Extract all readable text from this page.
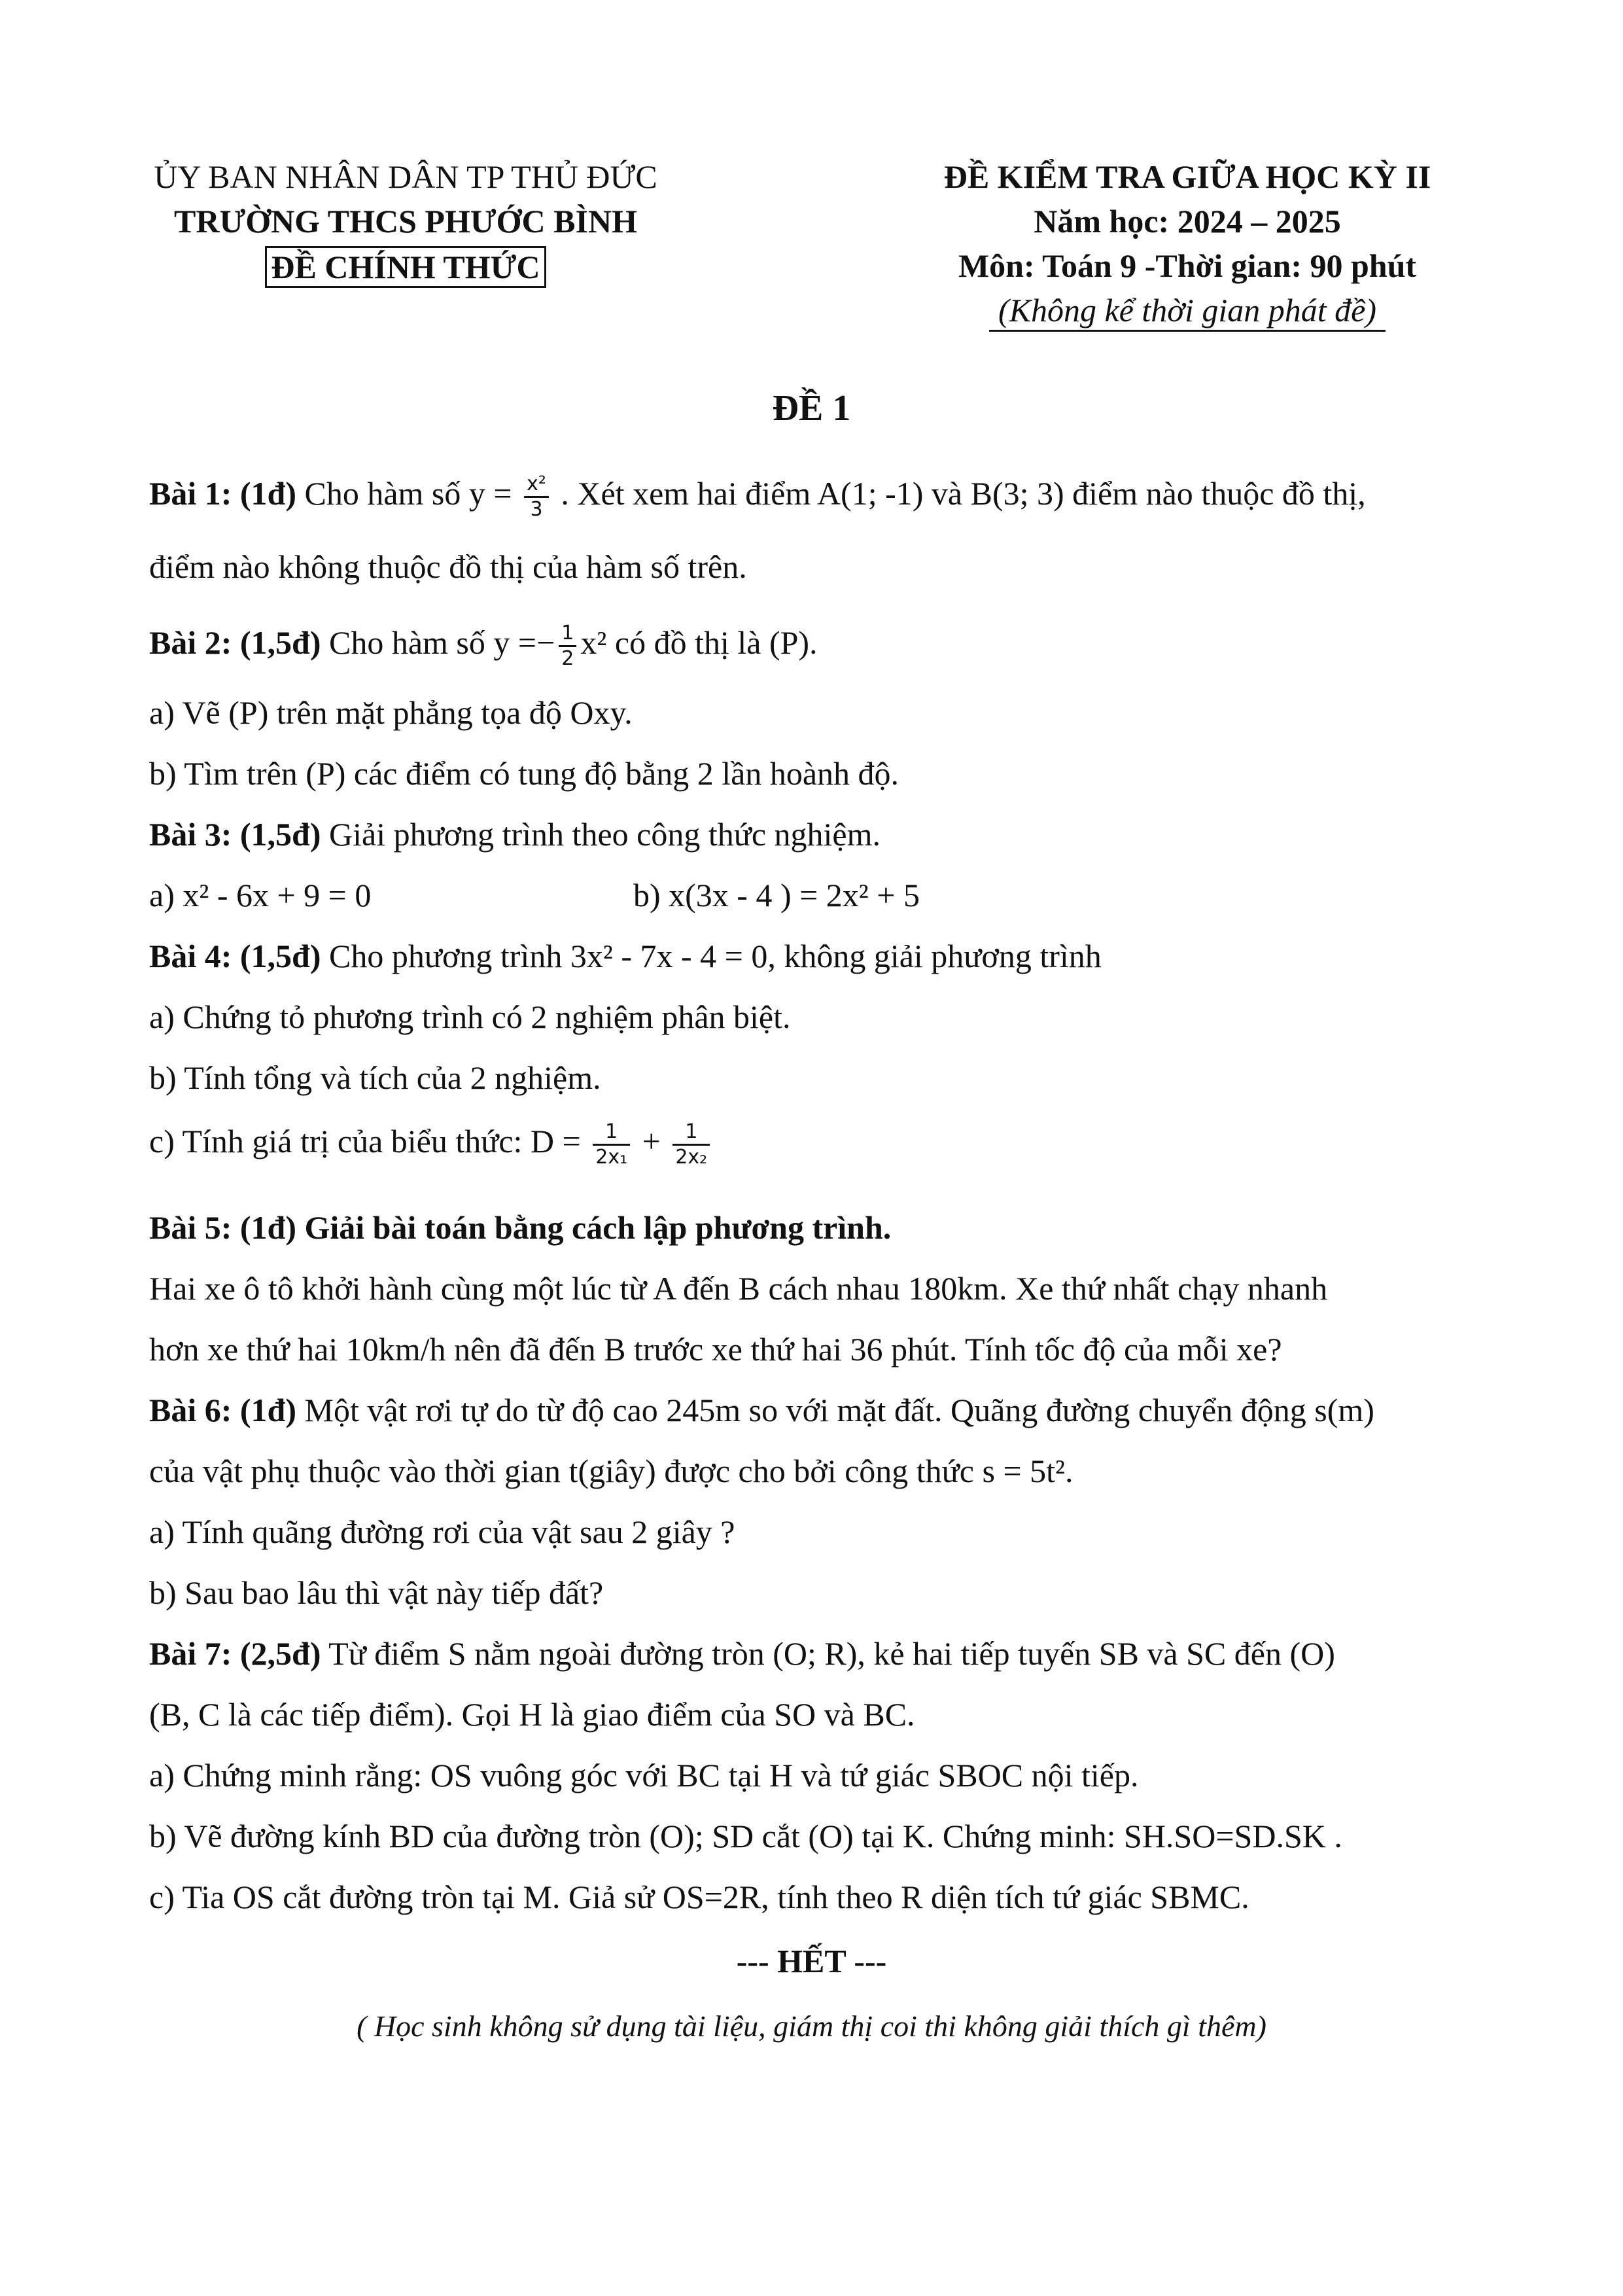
ỦY BAN NHÂN DÂN TP THỦ ĐỨC
TRƯỜNG THCS PHƯỚC BÌNH
ĐỀ CHÍNH THỨC
ĐỀ KIỂM TRA GIỮA HỌC KỲ II
Năm học: 2024 – 2025
Môn: Toán 9 -Thời gian: 90 phút
(Không kể thời gian phát đề)
ĐỀ 1
Bài 1: (1đ) Cho hàm số $y = \frac{\text{x²}}{3}$ . Xét xem hai điểm A(1; -1) và B(3; 3) điểm nào thuộc đồ thị,
điểm nào không thuộc đồ thị của hàm số trên.
Bài 2: (1,5đ) Cho hàm số $y =- \frac{1}{2} x^2$ có đồ thị là (P).
a) Vẽ (P) trên mặt phẳng tọa độ Oxy.
b) Tìm trên (P) các điểm có tung độ bằng 2 lần hoành độ.
Bài 3: (1,5đ) Giải phương trình theo công thức nghiệm.
a) x² - 6x + 9 = 0	b) x(3x - 4 ) = 2x² + 5
Bài 4: (1,5đ) Cho phương trình 3x² - 7x - 4 = 0, không giải phương trình
a) Chứng tỏ phương trình có 2 nghiệm phân biệt.
b) Tính tổng và tích của 2 nghiệm.
c) Tính giá trị của biểu thức: $D = \frac{1}{\text{2x₁}} + \frac{1}{\text{2x₂}}$
Bài 5: (1đ) Giải bài toán bằng cách lập phương trình.
Hai xe ô tô khởi hành cùng một lúc từ A đến B cách nhau 180km. Xe thứ nhất chạy nhanh
hơn xe thứ hai 10km/h nên đã đến B trước xe thứ hai 36 phút. Tính tốc độ của mỗi xe?
Bài 6: (1đ) Một vật rơi tự do từ độ cao 245m so với mặt đất. Quãng đường chuyển động s(m)
của vật phụ thuộc vào thời gian t(giây) được cho bởi công thức s = 5t².
a) Tính quãng đường rơi của vật sau 2 giây ?
b) Sau bao lâu thì vật này tiếp đất?
Bài 7: (2,5đ) Từ điểm S nằm ngoài đường tròn (O; R), kẻ hai tiếp tuyến SB và SC đến (O)
(B, C là các tiếp điểm). Gọi H là giao điểm của SO và BC.
a) Chứng minh rằng: OS vuông góc với BC tại H và tứ giác SBOC nội tiếp.
b) Vẽ đường kính BD của đường tròn (O); SD cắt (O) tại K. Chứng minh: SH.SO=SD.SK .
c) Tia OS cắt đường tròn tại M. Giả sử OS=2R, tính theo R diện tích tứ giác SBMC.
--- HẾT ---
( Học sinh không sử dụng tài liệu, giám thị coi thi không giải thích gì thêm)
